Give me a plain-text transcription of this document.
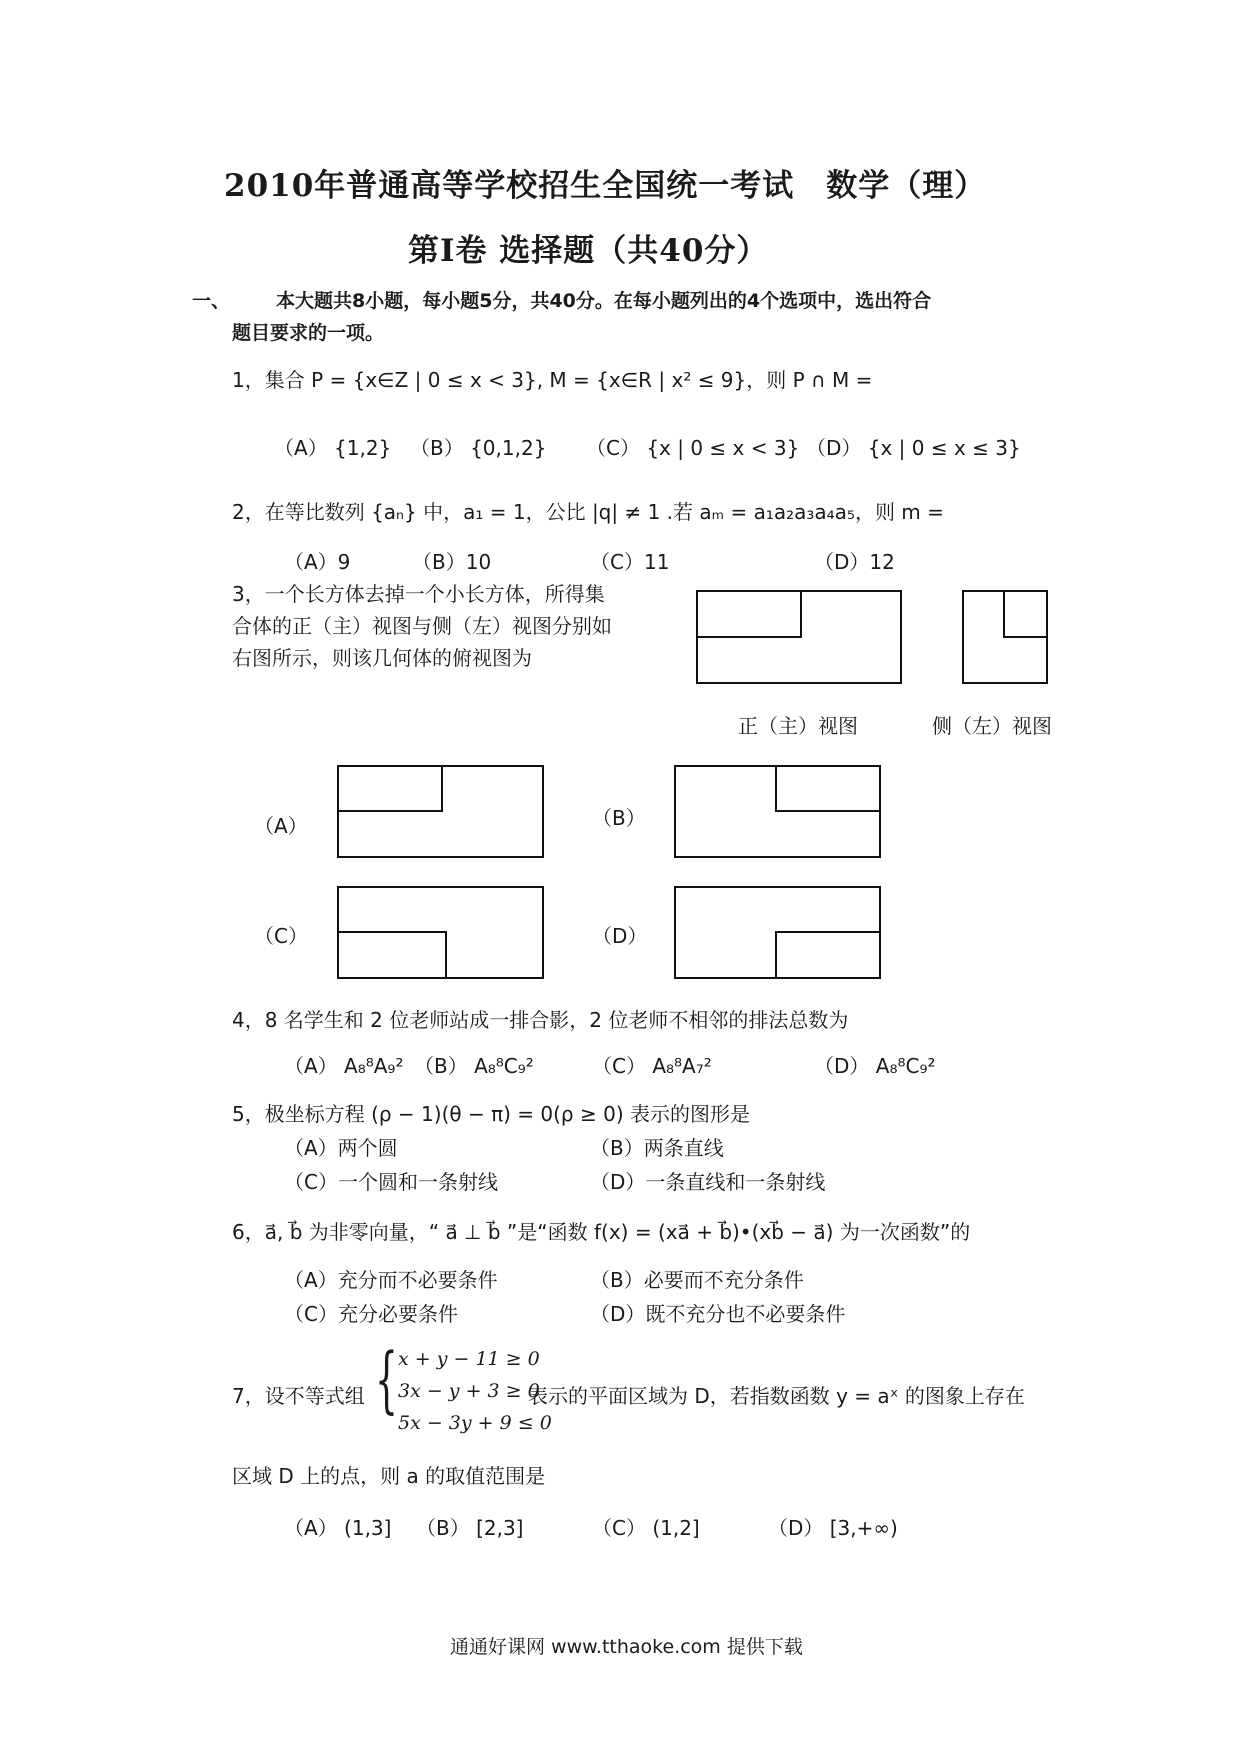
2010年普通高等学校招生全国统一考试　数学（理）
第Ⅰ卷 选择题（共40分）
一、 本大题共8小题，每小题5分，共40分。在每小题列出的4个选项中，选出符合
题目要求的一项。
1，集合 P = {x∈Z | 0 ≤ x < 3}, M = {x∈R | x² ≤ 9}，则 P ∩ M =
（A） {1,2} （B） {0,1,2} （C） {x | 0 ≤ x < 3} （D） {x | 0 ≤ x ≤ 3}
2，在等比数列 {aₙ} 中，a₁ = 1，公比 |q| ≠ 1 .若 aₘ = a₁a₂a₃a₄a₅，则 m =
（A）9	（B）10	（C）11	（D）12
3，一个长方体去掉一个小长方体，所得集
合体的正（主）视图与侧（左）视图分别如
右图所示，则该几何体的俯视图为
正（主）视图	侧（左）视图
（A）	（B）
（C）	（D）
4，8 名学生和 2 位老师站成一排合影，2 位老师不相邻的排法总数为
（A） A₈⁸A₉² （B） A₈⁸C₉²	（C） A₈⁸A₇²	（D） A₈⁸C₉²
5，极坐标方程 (ρ − 1)(θ − π) = 0(ρ ≥ 0) 表示的图形是
（A）两个圆	（B）两条直线
（C）一个圆和一条射线	（D）一条直线和一条射线
6，a⃗, b⃗ 为非零向量，“ a⃗ ⊥ b⃗ ”是“函数 f(x) = (xa⃗ + b⃗)•(xb⃗ − a⃗) 为一次函数”的
（A）充分而不必要条件	（B）必要而不充分条件
（C）充分必要条件	（D）既不充分也不必要条件
7，设不等式组 { x + y − 11 ≥ 0
3x − y + 3 ≥ 0
5x − 3y + 9 ≤ 0
表示的平面区域为 D，若指数函数 y = aˣ 的图象上存在
区域 D 上的点，则 a 的取值范围是
（A） (1,3] （B） [2,3]	（C） (1,2]	（D） [3,+∞)
通通好课网 www.tthaoke.com 提供下载
